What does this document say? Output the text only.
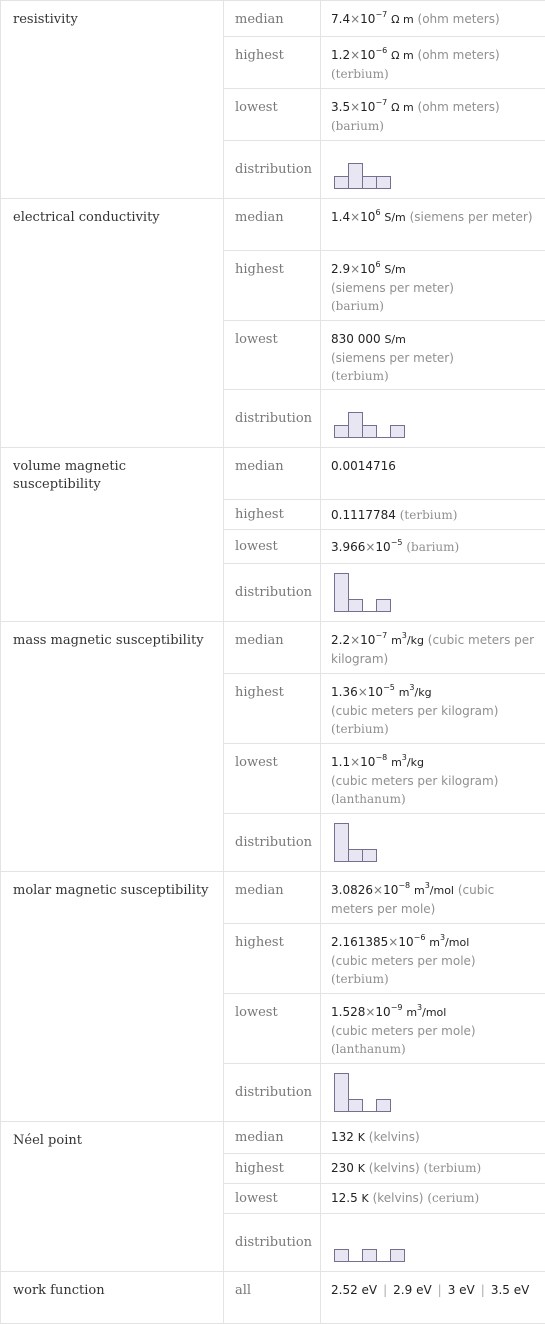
resistivity	median	$7.4\times 10^{-7}$ Ω m (ohm meters)
	highest	$1.2\times 10^{-6}$ Ω m (ohm meters) (terbium)
	lowest	$3.5\times 10^{-7}$ Ω m (ohm meters) (barium)
	distribution	

electrical conductivity	median	$1.4\times 10^6$ S/m (siemens per meter)
	highest	$2.9\times 10^6$ S/m
(siemens per meter)
(barium)
	lowest	830 000 S/m
(siemens per meter)
(terbium)
	distribution	

volume magnetic susceptibility	median	0.0014716
	highest	0.1117784 (terbium)
	lowest	$3.966\times 10^{-5}$ (barium)
	distribution	

mass magnetic susceptibility	median	$2.2\times 10^{-7}$ $m^3/kg$ (cubic meters per kilogram)
	highest	$1.36\times 10^{-5}$ $m^3/kg$
(cubic meters per kilogram)
(terbium)
	lowest	$1.1\times 10^{-8}$ $m^3/kg$
(cubic meters per kilogram)
(lanthanum)
	distribution	

molar magnetic susceptibility	median	$3.0826\times 10^{-8}$ $m^3$/mol (cubic meters per mole)
	highest	$2.161385\times 10^{-6}$ $m^3$/mol
(cubic meters per mole)
(terbium)
	lowest	$1.528\times 10^{-9}$ $m^3$/mol
(cubic meters per mole)
(lanthanum)
	distribution	

Néel point	median	132 K (kelvins)
	highest	230 K (kelvins) (terbium)
	lowest	12.5 K (kelvins) (cerium)
	distribution	

work function	all	2.52 eV | 2.9 eV | 3 eV | 3.5 eV
